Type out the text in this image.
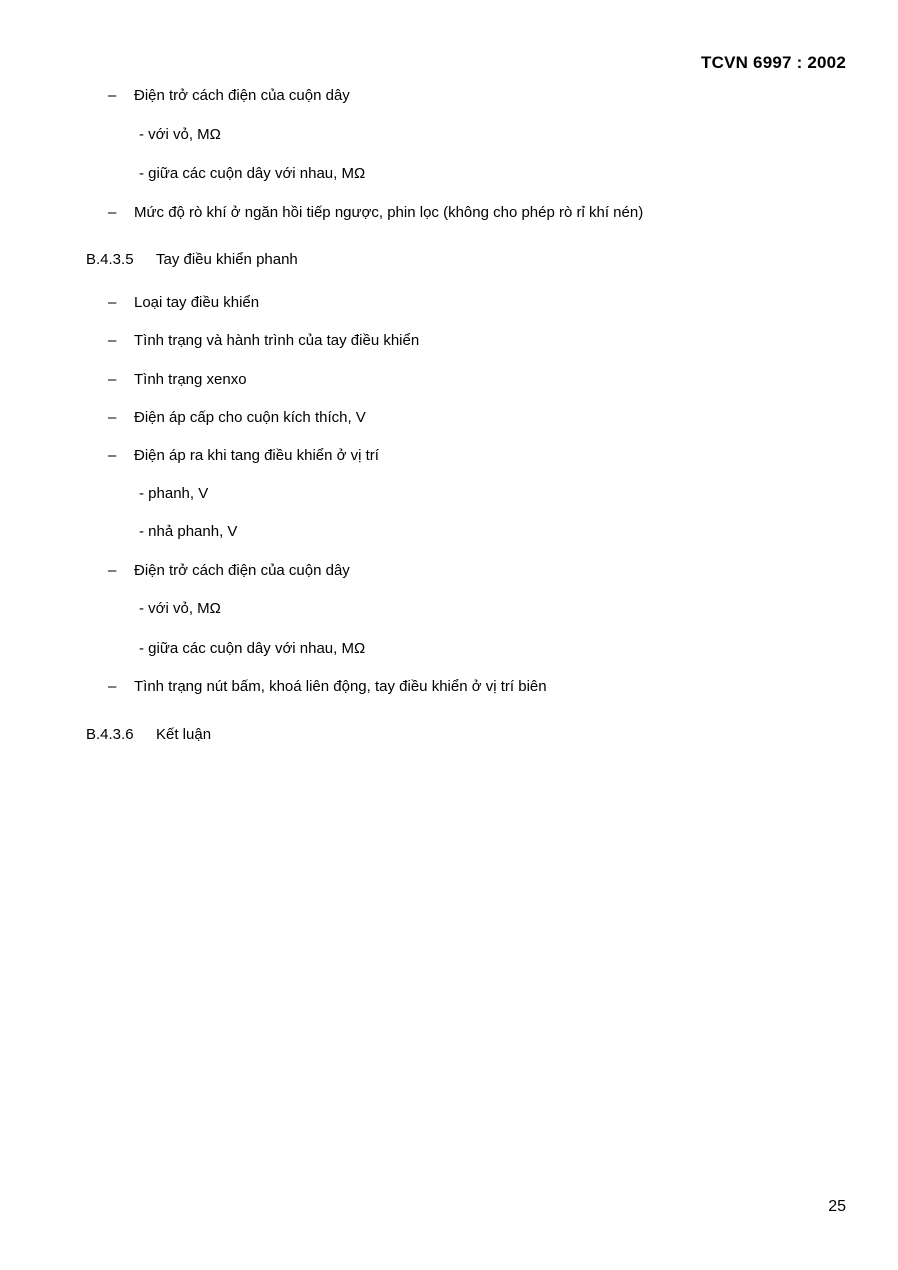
TCVN 6997 : 2002
–	Điện trở cách điện của cuộn dây
- với vỏ, MΩ
- giữa các cuộn dây với nhau, MΩ
–	Mức độ rò khí ở ngăn hồi tiếp ngược, phin lọc (không cho phép rò rỉ khí nén)
B.4.3.5 Tay điều khiển phanh
–	Loại tay điều khiển
–	Tình trạng và hành trình của tay điều khiển
–	Tình trạng xenxo
–	Điện áp cấp cho cuộn kích thích, V
–	Điện áp ra khi tang điều khiển ở vị trí
- phanh, V
- nhả phanh, V
–	Điện trở cách điện của cuộn dây
- với vỏ, MΩ
- giữa các cuộn dây với nhau, MΩ
–	Tình trạng nút bấm, khoá liên động, tay điều khiển ở vị trí biên
B.4.3.6 Kết luận
25
